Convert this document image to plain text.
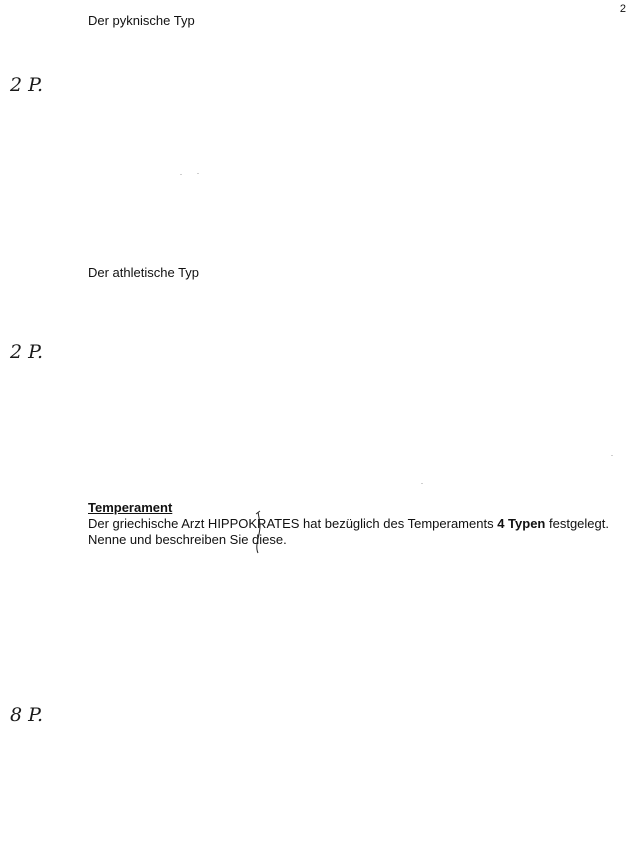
2
Der pyknische Typ
2 P.
Der athletische Typ
2 P.
Temperament
Der griechische Arzt HIPPOKRATES hat bezüglich des Temperaments 4 Typen festgelegt.
Nenne und beschreiben Sie diese.
8 P.
